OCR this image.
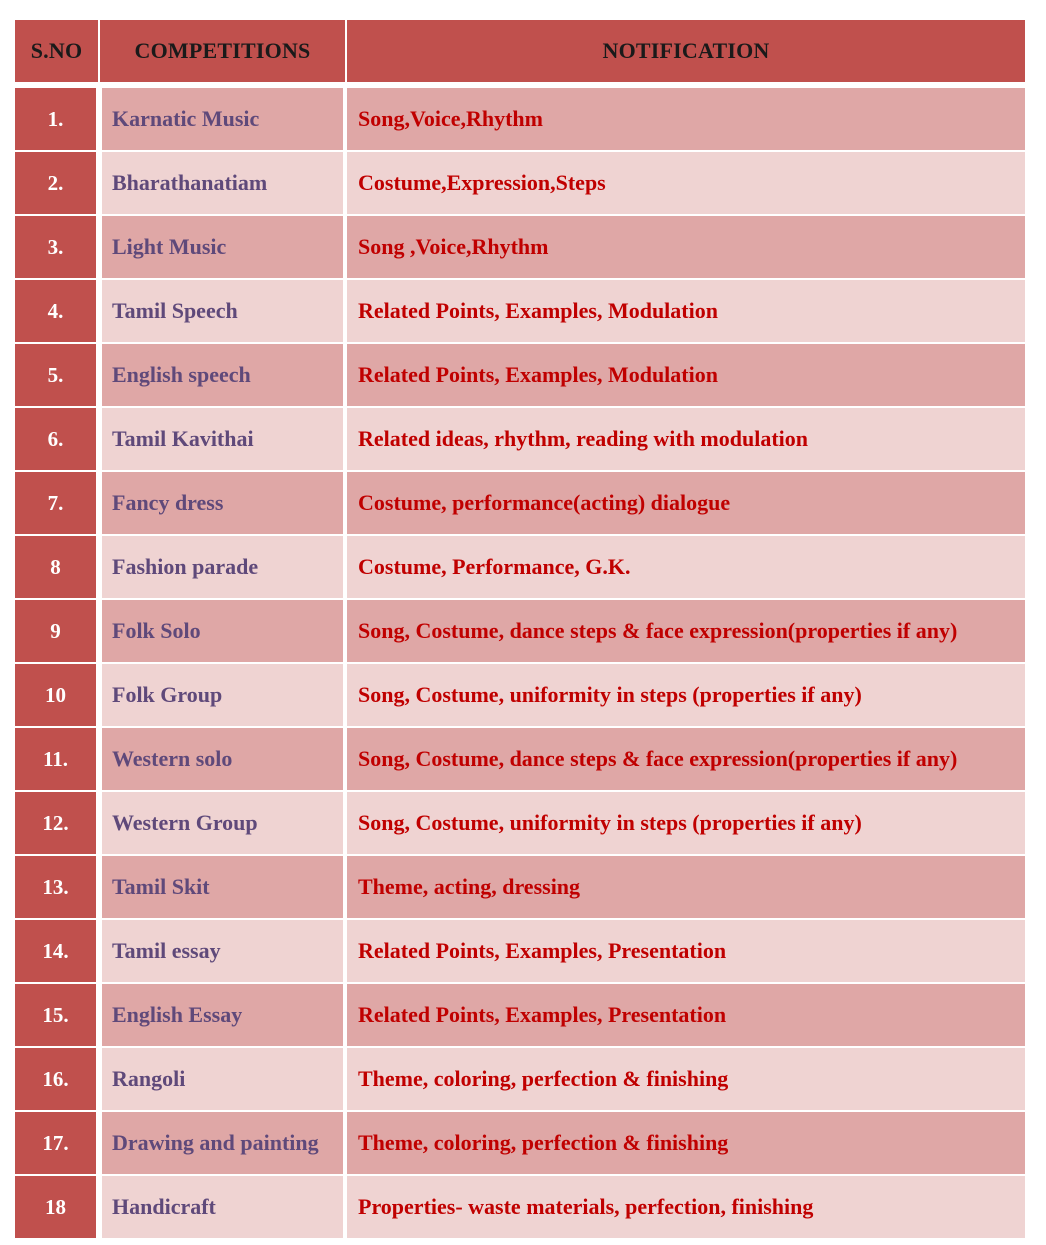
S.NO	COMPETITIONS	NOTIFICATION
1.	Karnatic Music	Song,Voice,Rhythm
2.	Bharathanatiam	Costume,Expression,Steps
3.	Light Music	Song ,Voice,Rhythm
4.	Tamil Speech	Related Points, Examples, Modulation
5.	English speech	Related Points, Examples, Modulation
6.	Tamil Kavithai	Related ideas, rhythm, reading with modulation
7.	Fancy dress	Costume, performance(acting) dialogue
8	Fashion parade	Costume, Performance, G.K.
9	Folk Solo	Song, Costume, dance steps & face expression(properties if any)
10	Folk Group	Song, Costume, uniformity in steps (properties if any)
11.	Western solo	Song, Costume, dance steps & face expression(properties if any)
12.	Western Group	Song, Costume, uniformity in steps (properties if any)
13.	Tamil Skit	Theme, acting, dressing
14.	Tamil essay	Related Points, Examples, Presentation
15.	English Essay	Related Points, Examples, Presentation
16.	Rangoli	Theme, coloring, perfection & finishing
17.	Drawing and painting	Theme, coloring, perfection & finishing
18	Handicraft	Properties- waste materials, perfection, finishing
